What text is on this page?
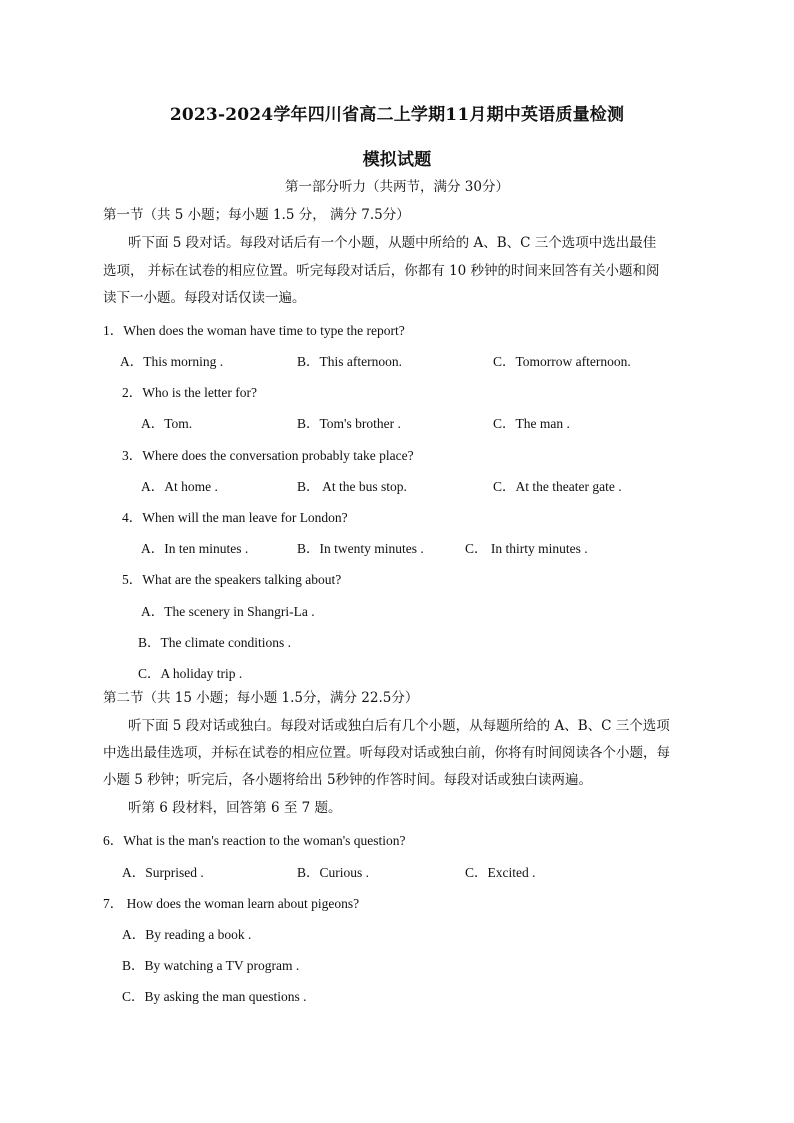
2023-2024学年四川省高二上学期11月期中英语质量检测
模拟试题
第一部分听力（共两节，满分 30分）
第一节（共 5 小题；每小题 1.5 分， 满分 7.5分）
听下面 5 段对话。每段对话后有一个小题，从题中所给的 A、B、C 三个选项中选出最佳
选项， 并标在试卷的相应位置。听完每段对话后，你都有 10 秒钟的时间来回答有关小题和阅
读下一小题。每段对话仅读一遍。
1．When does the woman have time to type the report?
A．This morning .	B．This afternoon.	C．Tomorrow afternoon.
2．Who is the letter for?
A．Tom.	B．Tom's brother .	C．The man .
3．Where does the conversation probably take place?
A．At home .	B． At the bus stop.	C．At the theater gate .
4．When will the man leave for London?
A．In ten minutes .	B．In twenty minutes .	C． In thirty minutes .
5．What are the speakers talking about?
A．The scenery in Shangri-La .
B．The climate conditions .
C．A holiday trip .
第二节（共 15 小题；每小题 1.5分，满分 22.5分）
听下面 5 段对话或独白。每段对话或独白后有几个小题，从每题所给的 A、B、C 三个选项
中选出最佳选项，并标在试卷的相应位置。听每段对话或独白前，你将有时间阅读各个小题，每
小题 5 秒钟；听完后，各小题将给出 5秒钟的作答时间。每段对话或独白读两遍。
听第 6 段材料，回答第 6 至 7 题。
6．What is the man's reaction to the woman's question?
A．Surprised .	B．Curious .	C．Excited .
7． How does the woman learn about pigeons?
A．By reading a book .
B．By watching a TV program .
C．By asking the man questions .
